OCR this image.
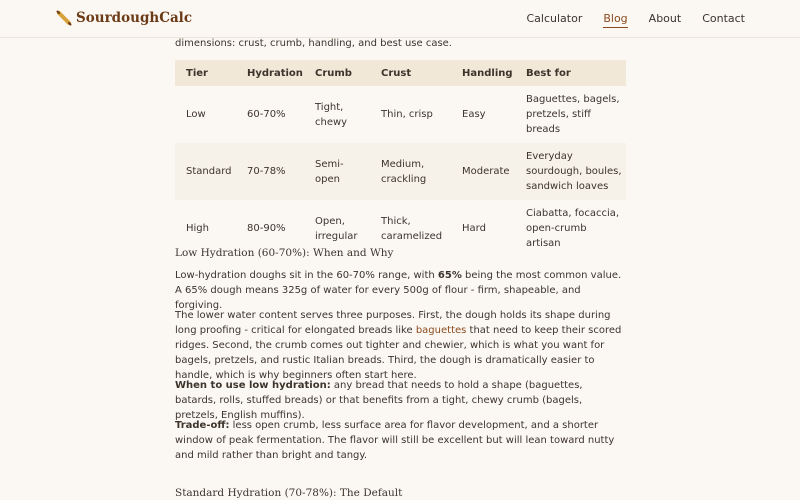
SourdoughCalc	Calculator Blog About Contact
dimensions: crust, crumb, handling, and best use case.
Tier	Hydration	Crumb	Crust	Handling	Best for
Low	60-70%	Tight, chewy	Thin, crisp	Easy	Baguettes, bagels, pretzels, stiff breads
Standard	70-78%	Semi-open	Medium, crackling	Moderate	Everyday sourdough, boules, sandwich loaves
High	80-90%	Open, irregular	Thick, caramelized	Hard	Ciabatta, focaccia, open-crumb artisan
Low Hydration (60-70%): When and Why
Low-hydration doughs sit in the 60-70% range, with 65% being the most common value. A 65% dough means 325g of water for every 500g of flour - firm, shapeable, and forgiving.
The lower water content serves three purposes. First, the dough holds its shape during long proofing - critical for elongated breads like baguettes that need to keep their scored ridges. Second, the crumb comes out tighter and chewier, which is what you want for bagels, pretzels, and rustic Italian breads. Third, the dough is dramatically easier to handle, which is why beginners often start here.
When to use low hydration: any bread that needs to hold a shape (baguettes, batards, rolls, stuffed breads) or that benefits from a tight, chewy crumb (bagels, pretzels, English muffins).
Trade-off: less open crumb, less surface area for flavor development, and a shorter window of peak fermentation. The flavor will still be excellent but will lean toward nutty and mild rather than bright and tangy.
Standard Hydration (70-78%): The Default
